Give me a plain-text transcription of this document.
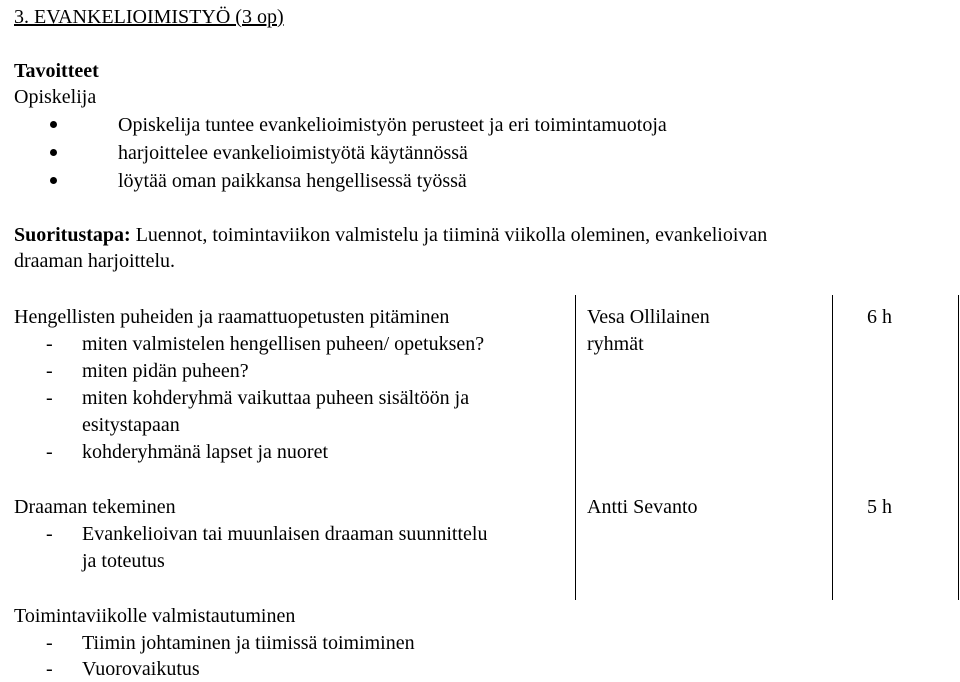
3. EVANKELIOIMISTYÖ (3 op)
Tavoitteet
Opiskelija
Opiskelija tuntee evankelioimistyön perusteet ja eri toimintamuotoja
harjoittelee evankelioimistyötä käytännössä
löytää oman paikkansa hengellisessä työssä
Suoritustapa: Luennot, toimintaviikon valmistelu ja tiiminä viikolla oleminen, evankelioivan
draaman harjoittelu.
Hengellisten puheiden ja raamattuopetusten pitäminen
- miten valmistelen hengellisen puheen/ opetuksen?
- miten pidän puheen?
- miten kohderyhmä vaikuttaa puheen sisältöön ja
esitystapaan
- kohderyhmänä lapset ja nuoret
Vesa Ollilainen
ryhmät
6 h
Draaman tekeminen
- Evankelioivan tai muunlaisen draaman suunnittelu
ja toteutus
Antti Sevanto	5 h
Toimintaviikolle valmistautuminen
- Tiimin johtaminen ja tiimissä toimiminen
- Vuorovaikutus
